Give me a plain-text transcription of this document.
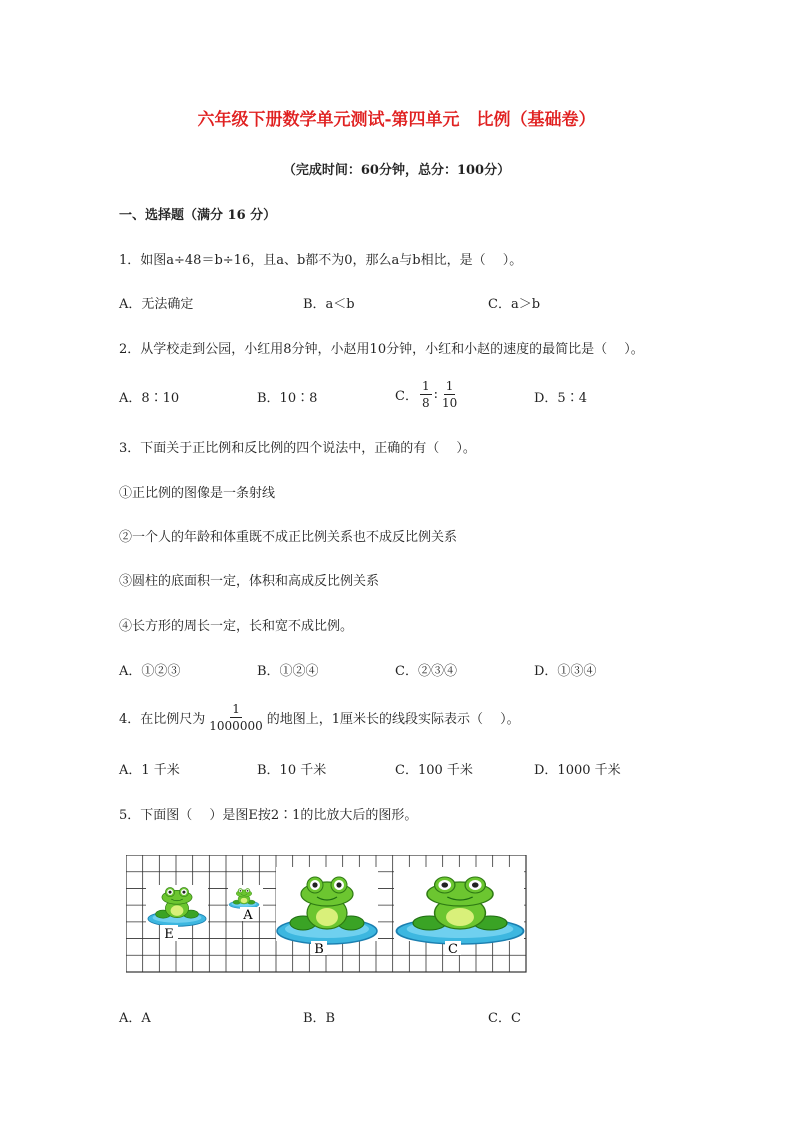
六年级下册数学单元测试-第四单元　比例（基础卷）
（完成时间：60分钟，总分：100分）
一、选择题（满分 16 分）
1．如图a÷48＝b÷16，且a、b都不为0，那么a与b相比，是（　 ）。
A．无法确定	B．a＜b	C．a＞b
2．从学校走到公园，小红用8分钟，小赵用10分钟，小红和小赵的速度的最简比是（　 ）。
A．8∶10	B．10∶8	C． $\frac{1}{8}$ : $\frac{1}{10}$	D．5∶4
3．下面关于正比例和反比例的四个说法中，正确的有（　 ）。
①正比例的图像是一条射线
②一个人的年龄和体重既不成正比例关系也不成反比例关系
③圆柱的底面积一定，体积和高成反比例关系
④长方形的周长一定，长和宽不成比例。
A．①②③	B．①②④	C．②③④	D．①③④
4．在比例尺为 $\frac{1}{1000000}$ 的地图上，1厘米长的线段实际表示（　 ）。
A．1 千米	B．10 千米	C．100 千米	D．1000 千米
5．下面图（　 ）是图E按2∶1的比放大后的图形。
E
A
B	C
A．A	B．B	C．C
